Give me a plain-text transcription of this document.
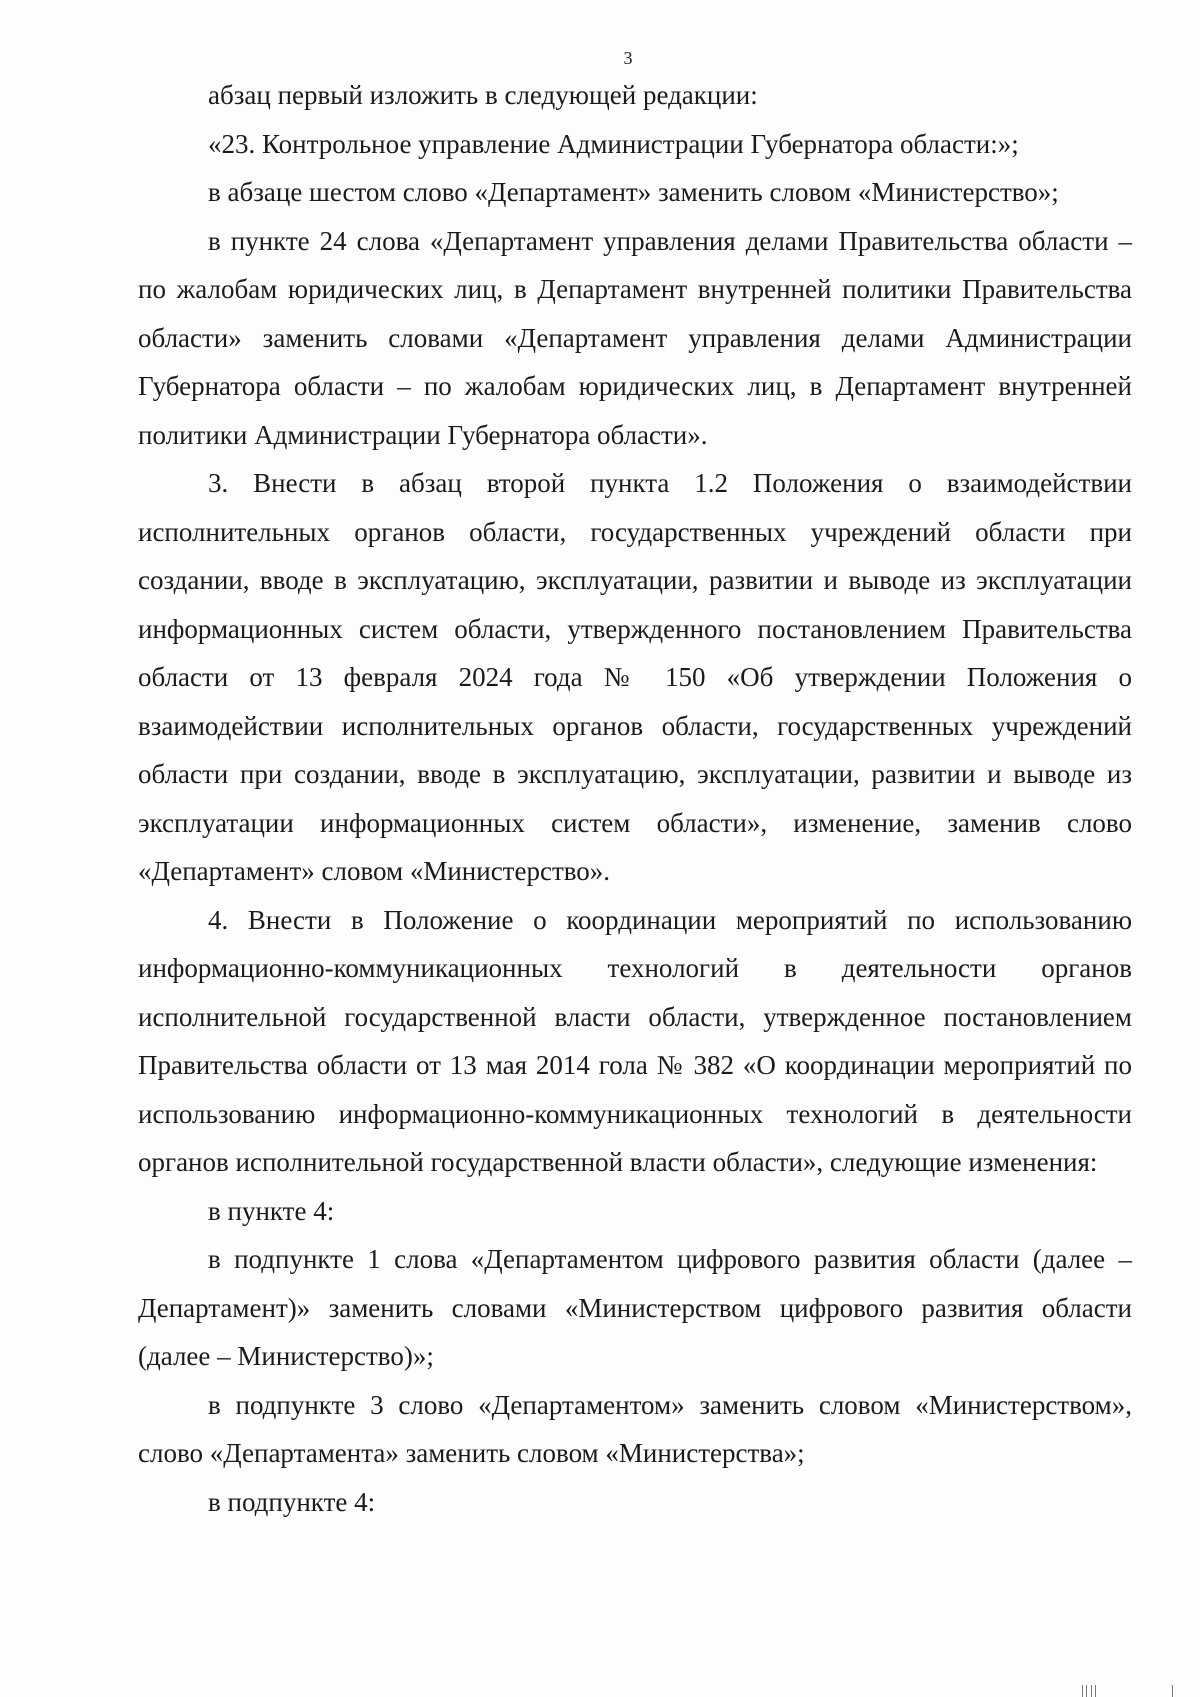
3

абзац первый изложить в следующей редакции:

«23. Контрольное управление Администрации Губернатора области:»;

в абзаце шестом слово «Департамент» заменить словом «Министерство»;

в пункте 24 слова «Департамент управления делами Правительства области – по жалобам юридических лиц, в Департамент внутренней политики Правительства области» заменить словами «Департамент управления делами Администрации Губернатора области – по жалобам юридических лиц, в Департамент внутренней политики Администрации Губернатора области».

3. Внести в абзац второй пункта 1.2 Положения о взаимодействии исполнительных органов области, государственных учреждений области при создании, вводе в эксплуатацию, эксплуатации, развитии и выводе из эксплуатации информационных систем области, утвержденного постановлением Правительства области от 13 февраля 2024 года № 150 «Об утверждении Положения о взаимодействии исполнительных органов области, государственных учреждений области при создании, вводе в эксплуатацию, эксплуатации, развитии и выводе из эксплуатации информационных систем области», изменение, заменив слово «Департамент» словом «Министерство».

4. Внести в Положение о координации мероприятий по использованию информационно-коммуникационных технологий в деятельности органов исполнительной государственной власти области, утвержденное постановлением Правительства области от 13 мая 2014 гола № 382 «О координации мероприятий по использованию информационно-коммуникационных технологий в деятельности органов исполнительной государственной власти области», следующие изменения:

в пункте 4:

в подпункте 1 слова «Департаментом цифрового развития области (далее – Департамент)» заменить словами «Министерством цифрового развития области (далее – Министерство)»;

в подпункте 3 слово «Департаментом» заменить словом «Министерством», слово «Департамента» заменить словом «Министерства»;

в подпункте 4:
